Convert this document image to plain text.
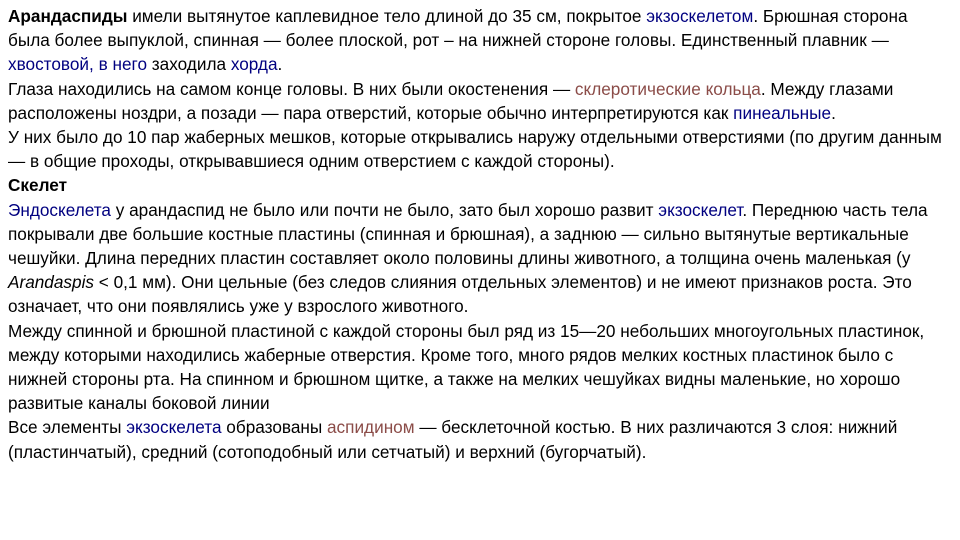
Арандаспиды имели вытянутое каплевидное тело длиной до 35 см, покрытое экзоскелетом. Брюшная сторона была более выпуклой, спинная — более плоской, рот – на нижней стороне головы. Единственный плавник — хвостовой, в него заходила хорда.

Глаза находились на самом конце головы. В них были окостенения — склеротические кольца. Между глазами расположены ноздри, а позади — пара отверстий, которые обычно интерпретируются как пинеальные.

У них было до 10 пар жаберных мешков, которые открывались наружу отдельными отверстиями (по другим данным — в общие проходы, открывавшиеся одним отверстием с каждой стороны).

Скелет

Эндоскелета у арандаспид не было или почти не было, зато был хорошо развит экзоскелет. Переднюю часть тела покрывали две большие костные пластины (спинная и брюшная), а заднюю — сильно вытянутые вертикальные чешуйки. Длина передних пластин составляет около половины длины животного, а толщина очень маленькая (у Arandaspis < 0,1 мм). Они цельные (без следов слияния отдельных элементов) и не имеют признаков роста. Это означает, что они появлялись уже у взрослого животного.

Между спинной и брюшной пластиной с каждой стороны был ряд из 15—20 небольших многоугольных пластинок, между которыми находились жаберные отверстия. Кроме того, много рядов мелких костных пластинок было с нижней стороны рта. На спинном и брюшном щитке, а также на мелких чешуйках видны маленькие, но хорошо развитые каналы боковой линии

Все элементы экзоскелета образованы аспидином — бесклеточной костью. В них различаются 3 слоя: нижний (пластинчатый), средний (сотоподобный или сетчатый) и верхний (бугорчатый).
